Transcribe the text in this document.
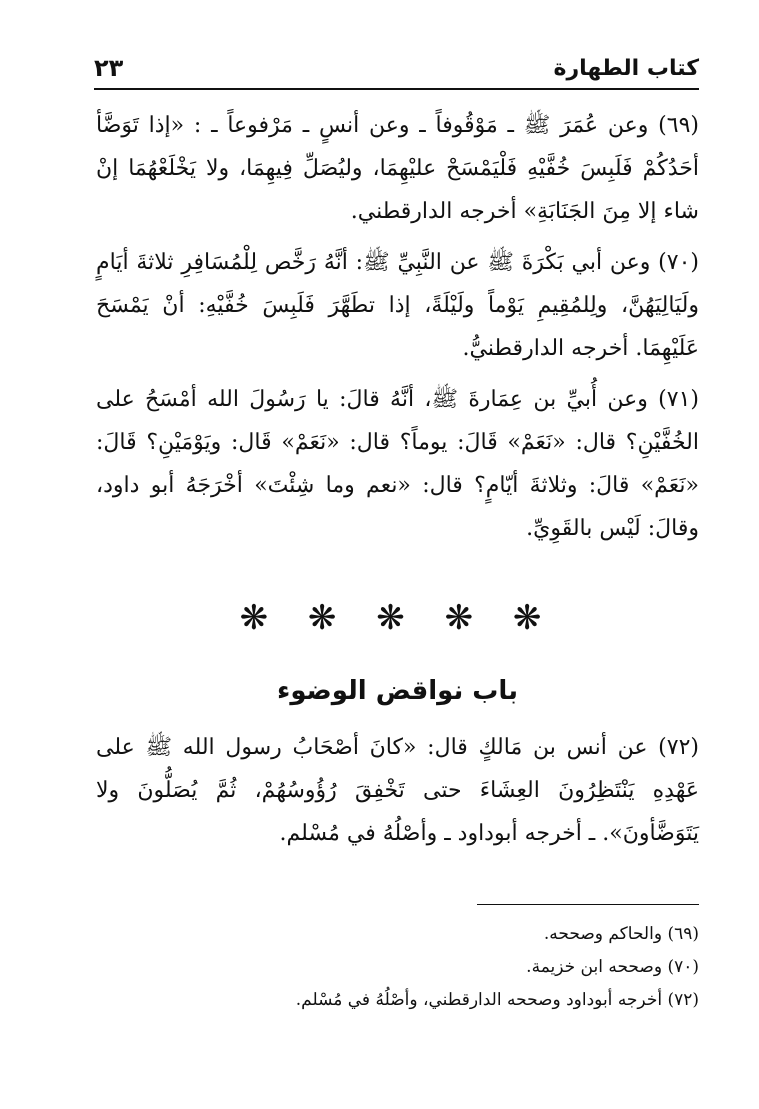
كتاب الطهارة
٢٣

(٦٩) وعن عُمَرَ ﷺ ـ مَوْقُوفاً ـ وعن أنسٍ ـ مَرْفوعاً ـ : «إذا تَوَضَّأ أحَدُكُمْ فَلَبِسَ خُفَّيْهِ فَلْيَمْسَحْ عليْهِمَا، وليُصَلِّ فِيهِمَا، ولا يَخْلَعْهُمَا إنْ شاء إلا مِنَ الجَنَابَةِ» أخرجه الدارقطني.

(٧٠) وعن أبي بَكْرَةَ ﷺ عن النَّبِيِّ ﷺ: أنَّهُ رَخَّص لِلْمُسَافِرِ ثلاثةَ أيَامٍ ولَيَالِيَهُنَّ، ولِلمُقِيمِ يَوْماً ولَيْلَةً، إذا تطَهَّرَ فَلَبِسَ خُفَّيْهِ: أنْ يَمْسَحَ عَلَيْهِمَا. أخرجه الدارقطنيُّ.

(٧١) وعن أُبيِّ بن عِمَارةَ ﷺ، أنَّهُ قالَ: يا رَسُولَ الله أمْسَحُ على الخُفَّيْنِ؟ قال: «نَعَمْ» قَالَ: يوماً؟ قال: «نَعَمْ» قَال: ويَوْمَيْنِ؟ قَالَ: «نَعَمْ» قالَ: وثلاثةَ أيّامٍ؟ قال: «نعم وما شِئْتَ» أخْرَجَهُ أبو داود، وقالَ: لَيْس بالقَوِيِّ.

❋ ❋ ❋ ❋ ❋
باب نواقض الوضوء

(٧٢) عن أنس بن مَالكٍ قال: «كانَ أصْحَابُ رسول الله ﷺ على عَهْدِهِ يَنْتَظِرُونَ العِشَاءَ حتى تَخْفِقَ رُؤُوسُهُمْ، ثُمَّ يُصَلُّونَ ولا يَتَوَضَّأونَ». ـ أخرجه أبوداود ـ وأصْلُهُ في مُسْلم.

(٦٩) والحاكم وصححه.
(٧٠) وصححه ابن خزيمة.
(٧٢) أخرجه أبوداود وصححه الدارقطني، وأصْلُهُ في مُسْلم.
